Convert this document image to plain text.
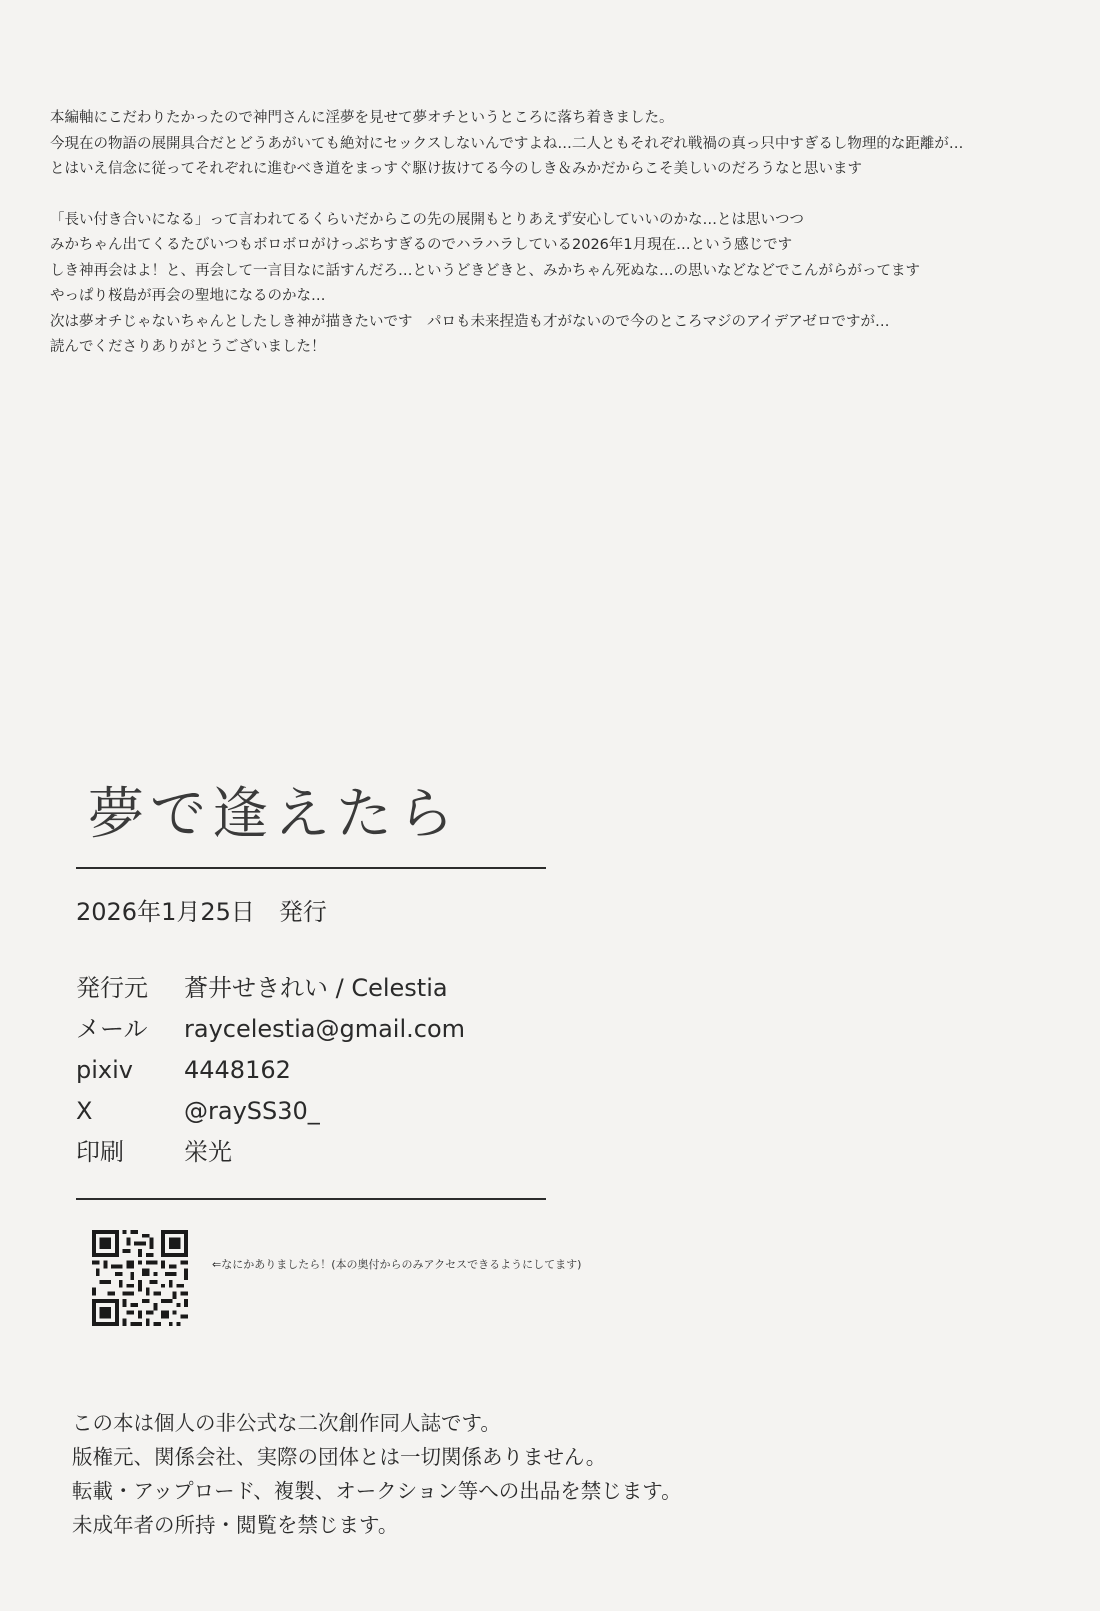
本編軸にこだわりたかったので神門さんに淫夢を見せて夢オチというところに落ち着きました。
今現在の物語の展開具合だとどうあがいても絶対にセックスしないんですよね…二人ともそれぞれ戦禍の真っ只中すぎるし物理的な距離が…
とはいえ信念に従ってそれぞれに進むべき道をまっすぐ駆け抜けてる今のしき＆みかだからこそ美しいのだろうなと思います
「長い付き合いになる」って言われてるくらいだからこの先の展開もとりあえず安心していいのかな…とは思いつつ
みかちゃん出てくるたびいつもボロボロがけっぷちすぎるのでハラハラしている2026年1月現在…という感じです
しき神再会はよ！と、再会して一言目なに話すんだろ…というどきどきと、みかちゃん死ぬな…の思いなどなどでこんがらがってます
やっぱり桜島が再会の聖地になるのかな…
次は夢オチじゃないちゃんとしたしき神が描きたいです　パロも未来捏造も才がないので今のところマジのアイデアゼロですが…
読んでくださりありがとうございました！
夢で逢えたら
2026年1月25日　発行
発行元	蒼井せきれい / Celestia
メール	raycelestia@gmail.com
pixiv	4448162
X	@raySS30_
印刷	栄光
⇐なにかありましたら！(本の奥付からのみアクセスできるようにしてます)
この本は個人の非公式な二次創作同人誌です。
版権元、関係会社、実際の団体とは一切関係ありません。
転載・アップロード、複製、オークション等への出品を禁じます。
未成年者の所持・閲覧を禁じます。
